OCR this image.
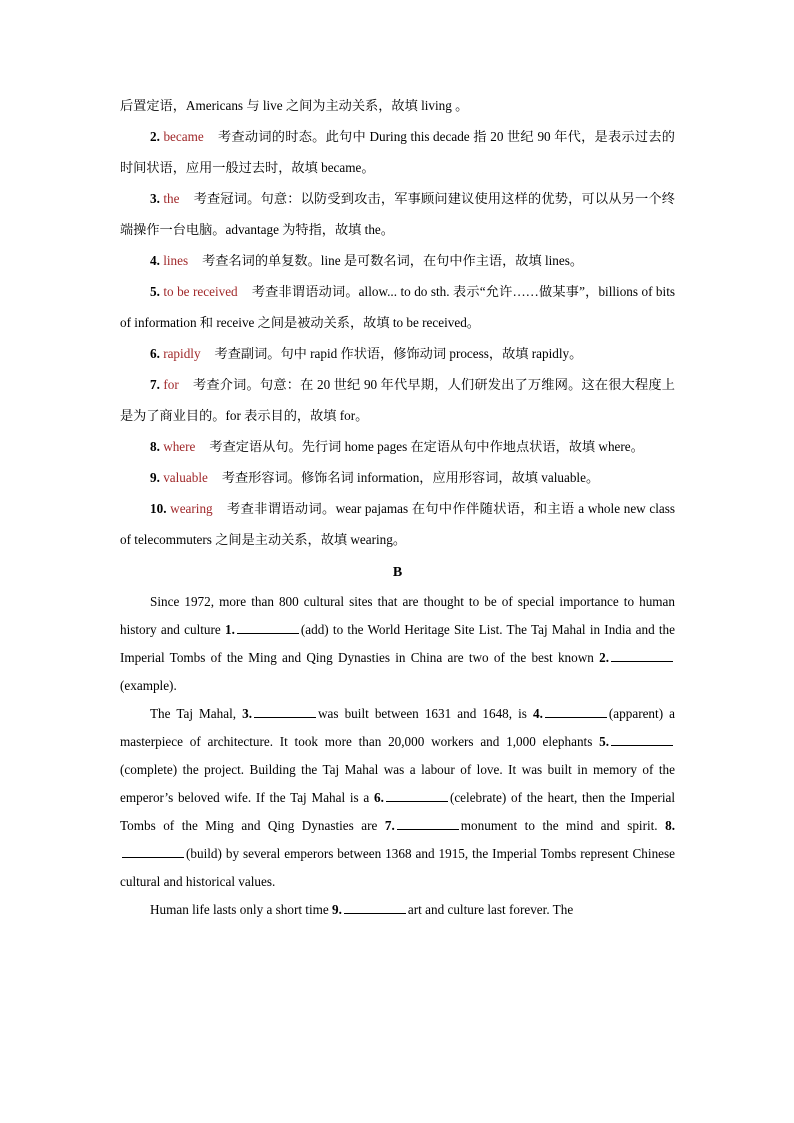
后置定语，Americans 与 live 之间为主动关系，故填 living 。

2. became 考查动词的时态。此句中 During this decade 指 20 世纪 90 年代，是表示过去的时间状语，应用一般过去时，故填 became。

3. the 考查冠词。句意：以防受到攻击，军事顾问建议使用这样的优势，可以从另一个终端操作一台电脑。advantage 为特指，故填 the。

4. lines 考查名词的单复数。line 是可数名词，在句中作主语，故填 lines。

5. to be received 考查非谓语动词。allow... to do sth. 表示“允许……做某事”，billions of bits of information 和 receive 之间是被动关系，故填 to be received。

6. rapidly 考查副词。句中 rapid 作状语，修饰动词 process，故填 rapidly。

7. for 考查介词。句意：在 20 世纪 90 年代早期，人们研发出了万维网。这在很大程度上是为了商业目的。for 表示目的，故填 for。

8. where 考查定语从句。先行词 home pages 在定语从句中作地点状语，故填 where。

9. valuable 考查形容词。修饰名词 information，应用形容词，故填 valuable。

10. wearing 考查非谓语动词。wear pajamas 在句中作伴随状语，和主语 a whole new class of telecommuters 之间是主动关系，故填 wearing。

B

Since 1972, more than 800 cultural sites that are thought to be of special importance to human history and culture 1.	(add) to the World Heritage Site List. The Taj Mahal in India and the Imperial Tombs of the Ming and Qing Dynasties in China are two of the best known 2.(example).

The Taj Mahal, 3.	was built between 1631 and 1648, is 4.	(apparent) a masterpiece of architecture. It took more than 20,000 workers and 1,000 elephants 5.(complete) the project. Building the Taj Mahal was a labour of love. It was built in memory of the emperor’s beloved wife. If the Taj Mahal is a 6.	(celebrate) of the heart, then the Imperial Tombs of the Ming and Qing Dynasties are 7.	monument to the mind and spirit. 8.(build) by several emperors between 1368 and 1915, the Imperial Tombs represent Chinese cultural and historical values.

Human life lasts only a short time 9.	art and culture last forever. The
